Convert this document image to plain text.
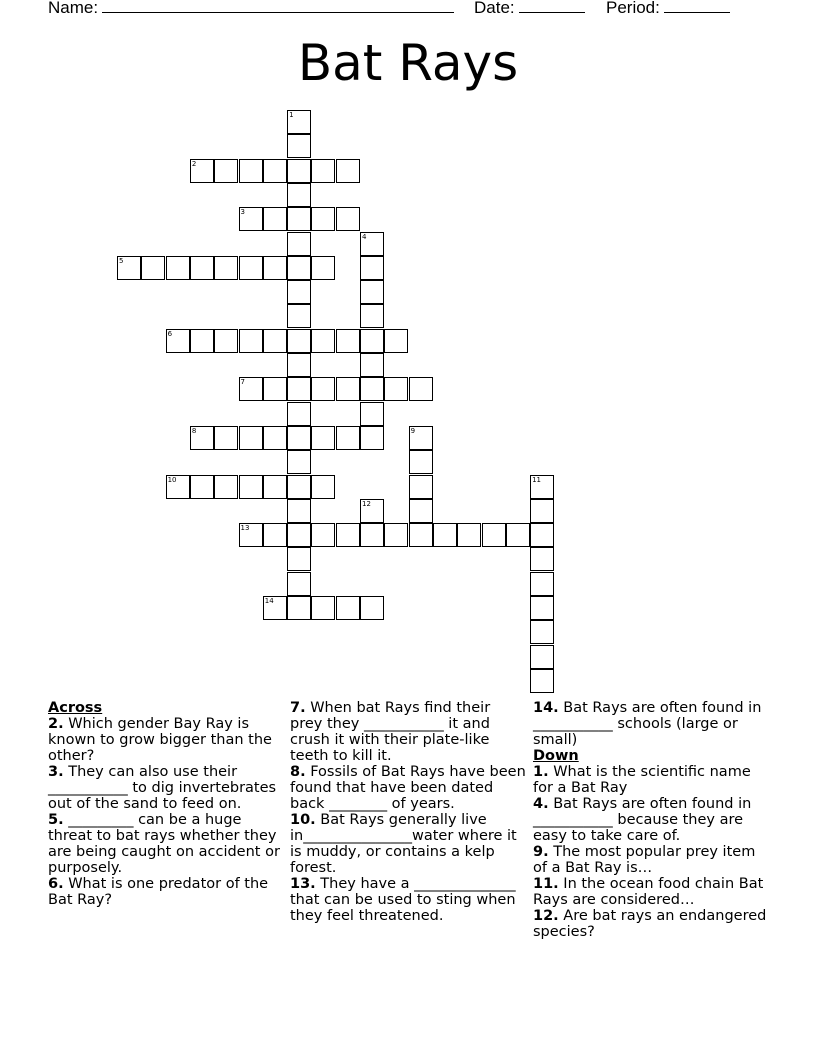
Name:	Date:	Period:
Bat Rays
1
2
3
4
5
6
7
8	9
10	11
12
13
14
Across

2. Which gender Bay Ray is known to grow bigger than the other?

3. They can also use their ___________ to dig invertebrates out of the sand to feed on.

5. _________ can be a huge threat to bat rays whether they are being caught on accident or purposely.

6. What is one predator of the Bat Ray?

7. When bat Rays find their prey they ___________ it and crush it with their plate-like teeth to kill it.

8. Fossils of Bat Rays have been found that have been dated back ________ of years.

10. Bat Rays generally live in_______________water where it is muddy, or contains a kelp forest.

13. They have a ______________ that can be used to sting when they feel threatened.

14. Bat Rays are often found in ___________ schools (large or small)

Down

1. What is the scientific name for a Bat Ray

4. Bat Rays are often found in ___________ because they are easy to take care of.

9. The most popular prey item of a Bat Ray is…

11. In the ocean food chain Bat Rays are considered…

12. Are bat rays an endangered species?
